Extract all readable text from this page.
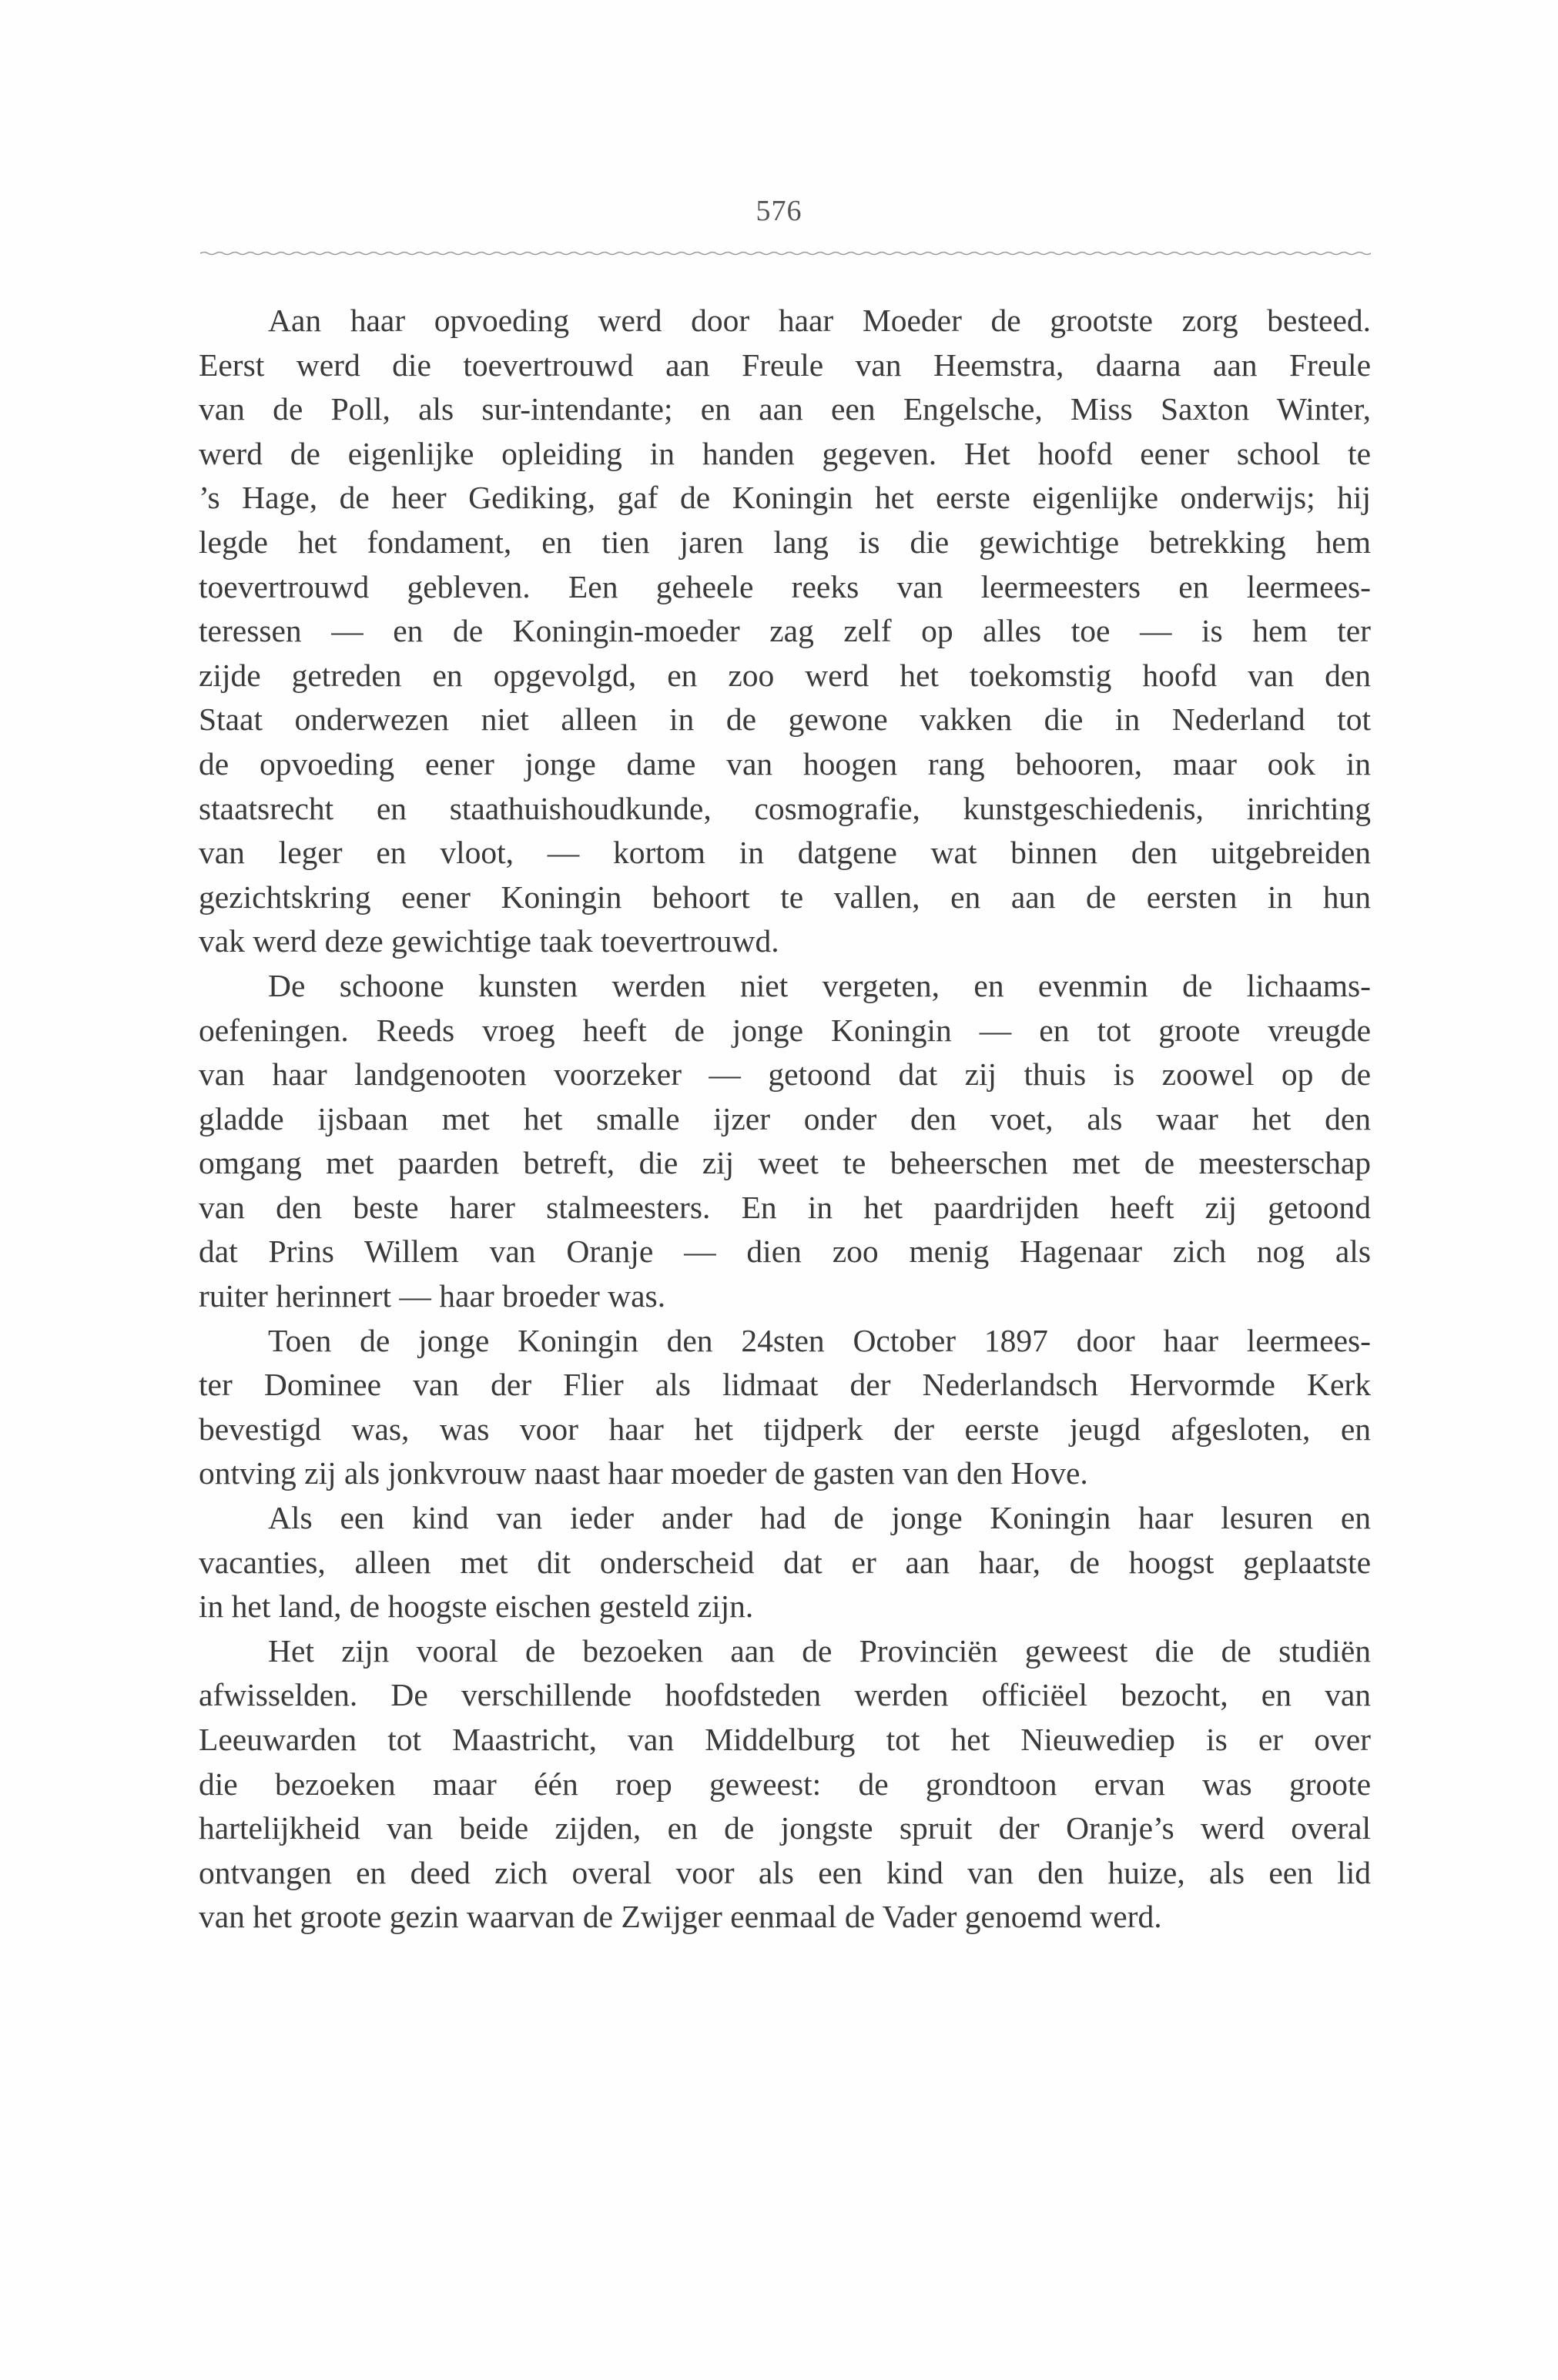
576
Aan haar opvoeding werd door haar Moeder de grootste zorg besteed.
Eerst werd die toevertrouwd aan Freule van Heemstra, daarna aan Freule
van de Poll, als sur-intendante; en aan een Engelsche, Miss Saxton Winter,
werd de eigenlijke opleiding in handen gegeven. Het hoofd eener school te
’s Hage, de heer Gediking, gaf de Koningin het eerste eigenlijke onderwijs; hij
legde het fondament, en tien jaren lang is die gewichtige betrekking hem
toevertrouwd gebleven. Een geheele reeks van leermeesters en leermees-
teressen — en de Koningin-moeder zag zelf op alles toe — is hem ter
zijde getreden en opgevolgd, en zoo werd het toekomstig hoofd van den
Staat onderwezen niet alleen in de gewone vakken die in Nederland tot
de opvoeding eener jonge dame van hoogen rang behooren, maar ook in
staatsrecht en staathuishoudkunde, cosmografie, kunstgeschiedenis, inrichting
van leger en vloot, — kortom in datgene wat binnen den uitgebreiden
gezichtskring eener Koningin behoort te vallen, en aan de eersten in hun
vak werd deze gewichtige taak toevertrouwd.
De schoone kunsten werden niet vergeten, en evenmin de lichaams-
oefeningen. Reeds vroeg heeft de jonge Koningin — en tot groote vreugde
van haar landgenooten voorzeker — getoond dat zij thuis is zoowel op de
gladde ijsbaan met het smalle ijzer onder den voet, als waar het den
omgang met paarden betreft, die zij weet te beheerschen met de meesterschap
van den beste harer stalmeesters. En in het paardrijden heeft zij getoond
dat Prins Willem van Oranje — dien zoo menig Hagenaar zich nog als
ruiter herinnert — haar broeder was.
Toen de jonge Koningin den 24sten October 1897 door haar leermees-
ter Dominee van der Flier als lidmaat der Nederlandsch Hervormde Kerk
bevestigd was, was voor haar het tijdperk der eerste jeugd afgesloten, en
ontving zij als jonkvrouw naast haar moeder de gasten van den Hove.
Als een kind van ieder ander had de jonge Koningin haar lesuren en
vacanties, alleen met dit onderscheid dat er aan haar, de hoogst geplaatste
in het land, de hoogste eischen gesteld zijn.
Het zijn vooral de bezoeken aan de Provinciën geweest die de studiën
afwisselden. De verschillende hoofdsteden werden officiëel bezocht, en van
Leeuwarden tot Maastricht, van Middelburg tot het Nieuwediep is er over
die bezoeken maar één roep geweest: de grondtoon ervan was groote
hartelijkheid van beide zijden, en de jongste spruit der Oranje’s werd overal
ontvangen en deed zich overal voor als een kind van den huize, als een lid
van het groote gezin waarvan de Zwijger eenmaal de Vader genoemd werd.
